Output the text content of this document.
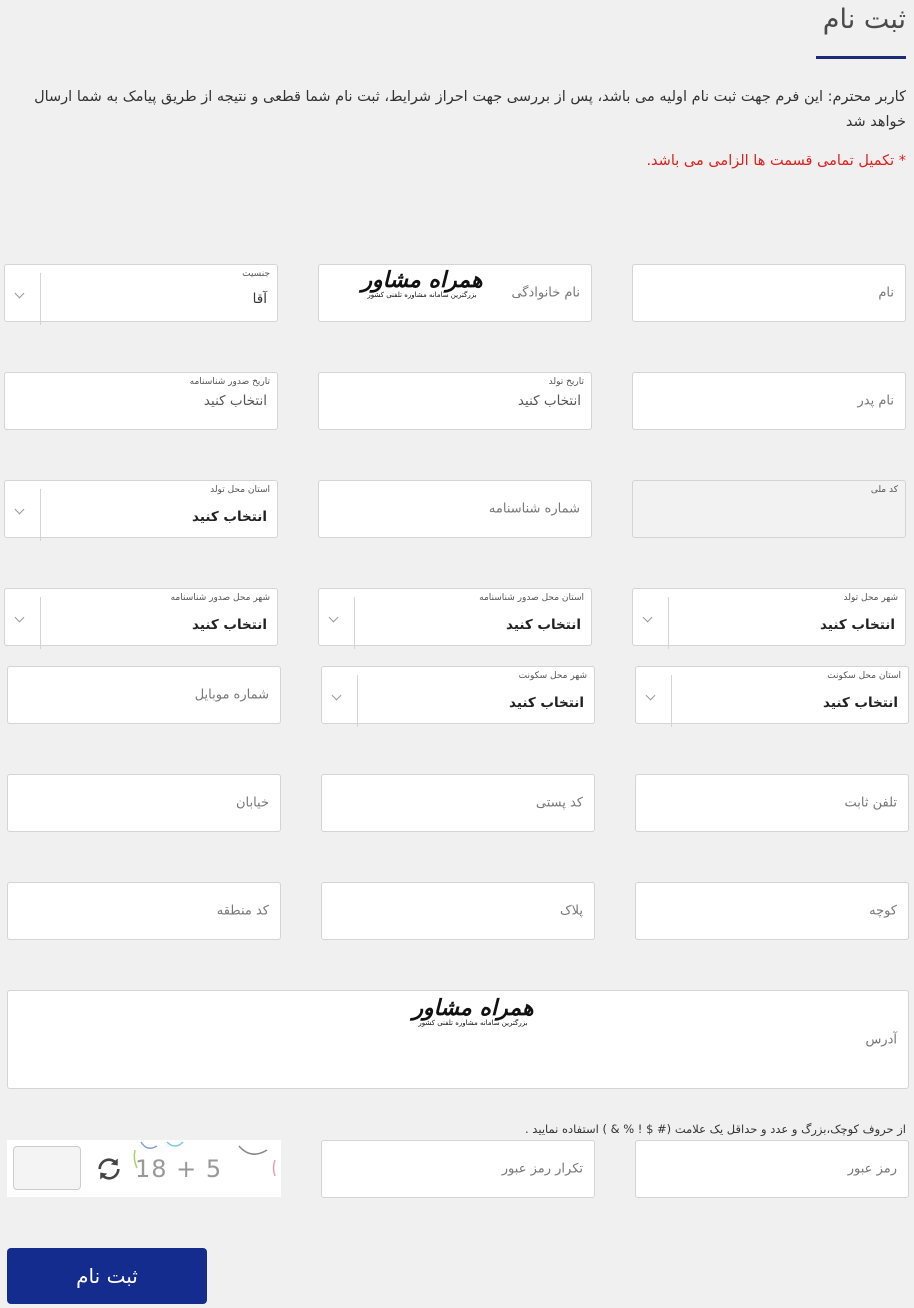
ثبت نام
کاربر محترم: این فرم جهت ثبت نام اولیه می باشد، پس از بررسی جهت احراز شرایط، ثبت نام شما قطعی و نتیجه از طریق پیامک به شما ارسال خواهد شد
* تکمیل تمامی قسمت ها الزامی می باشد.
نام
نام خانوادگی
همراه مشاور
بزرگترین سامانه مشاوره تلفنی کشور
جنسیت
آقا
نام پدر
تاریخ تولد
انتخاب کنید
تاریخ صدور شناسنامه
انتخاب کنید
کد ملی
شماره شناسنامه
استان محل تولد
انتخاب کنید
شهر محل تولد
انتخاب کنید
استان محل صدور شناسنامه
انتخاب کنید
شهر محل صدور شناسنامه
انتخاب کنید
استان محل سکونت
انتخاب کنید
شهر محل سکونت
انتخاب کنید
شماره موبایل
تلفن ثابت
کد پستی
خیابان
کوچه
پلاک
کد منطقه
آدرس
همراه مشاور
بزرگترین سامانه مشاوره تلفنی کشور
از حروف کوچک،بزرگ و عدد و حداقل یک علامت (# $ ! % & ) استفاده نمایید .
رمز عبور
تکرار رمز عبور
18 + 5
ثبت نام
